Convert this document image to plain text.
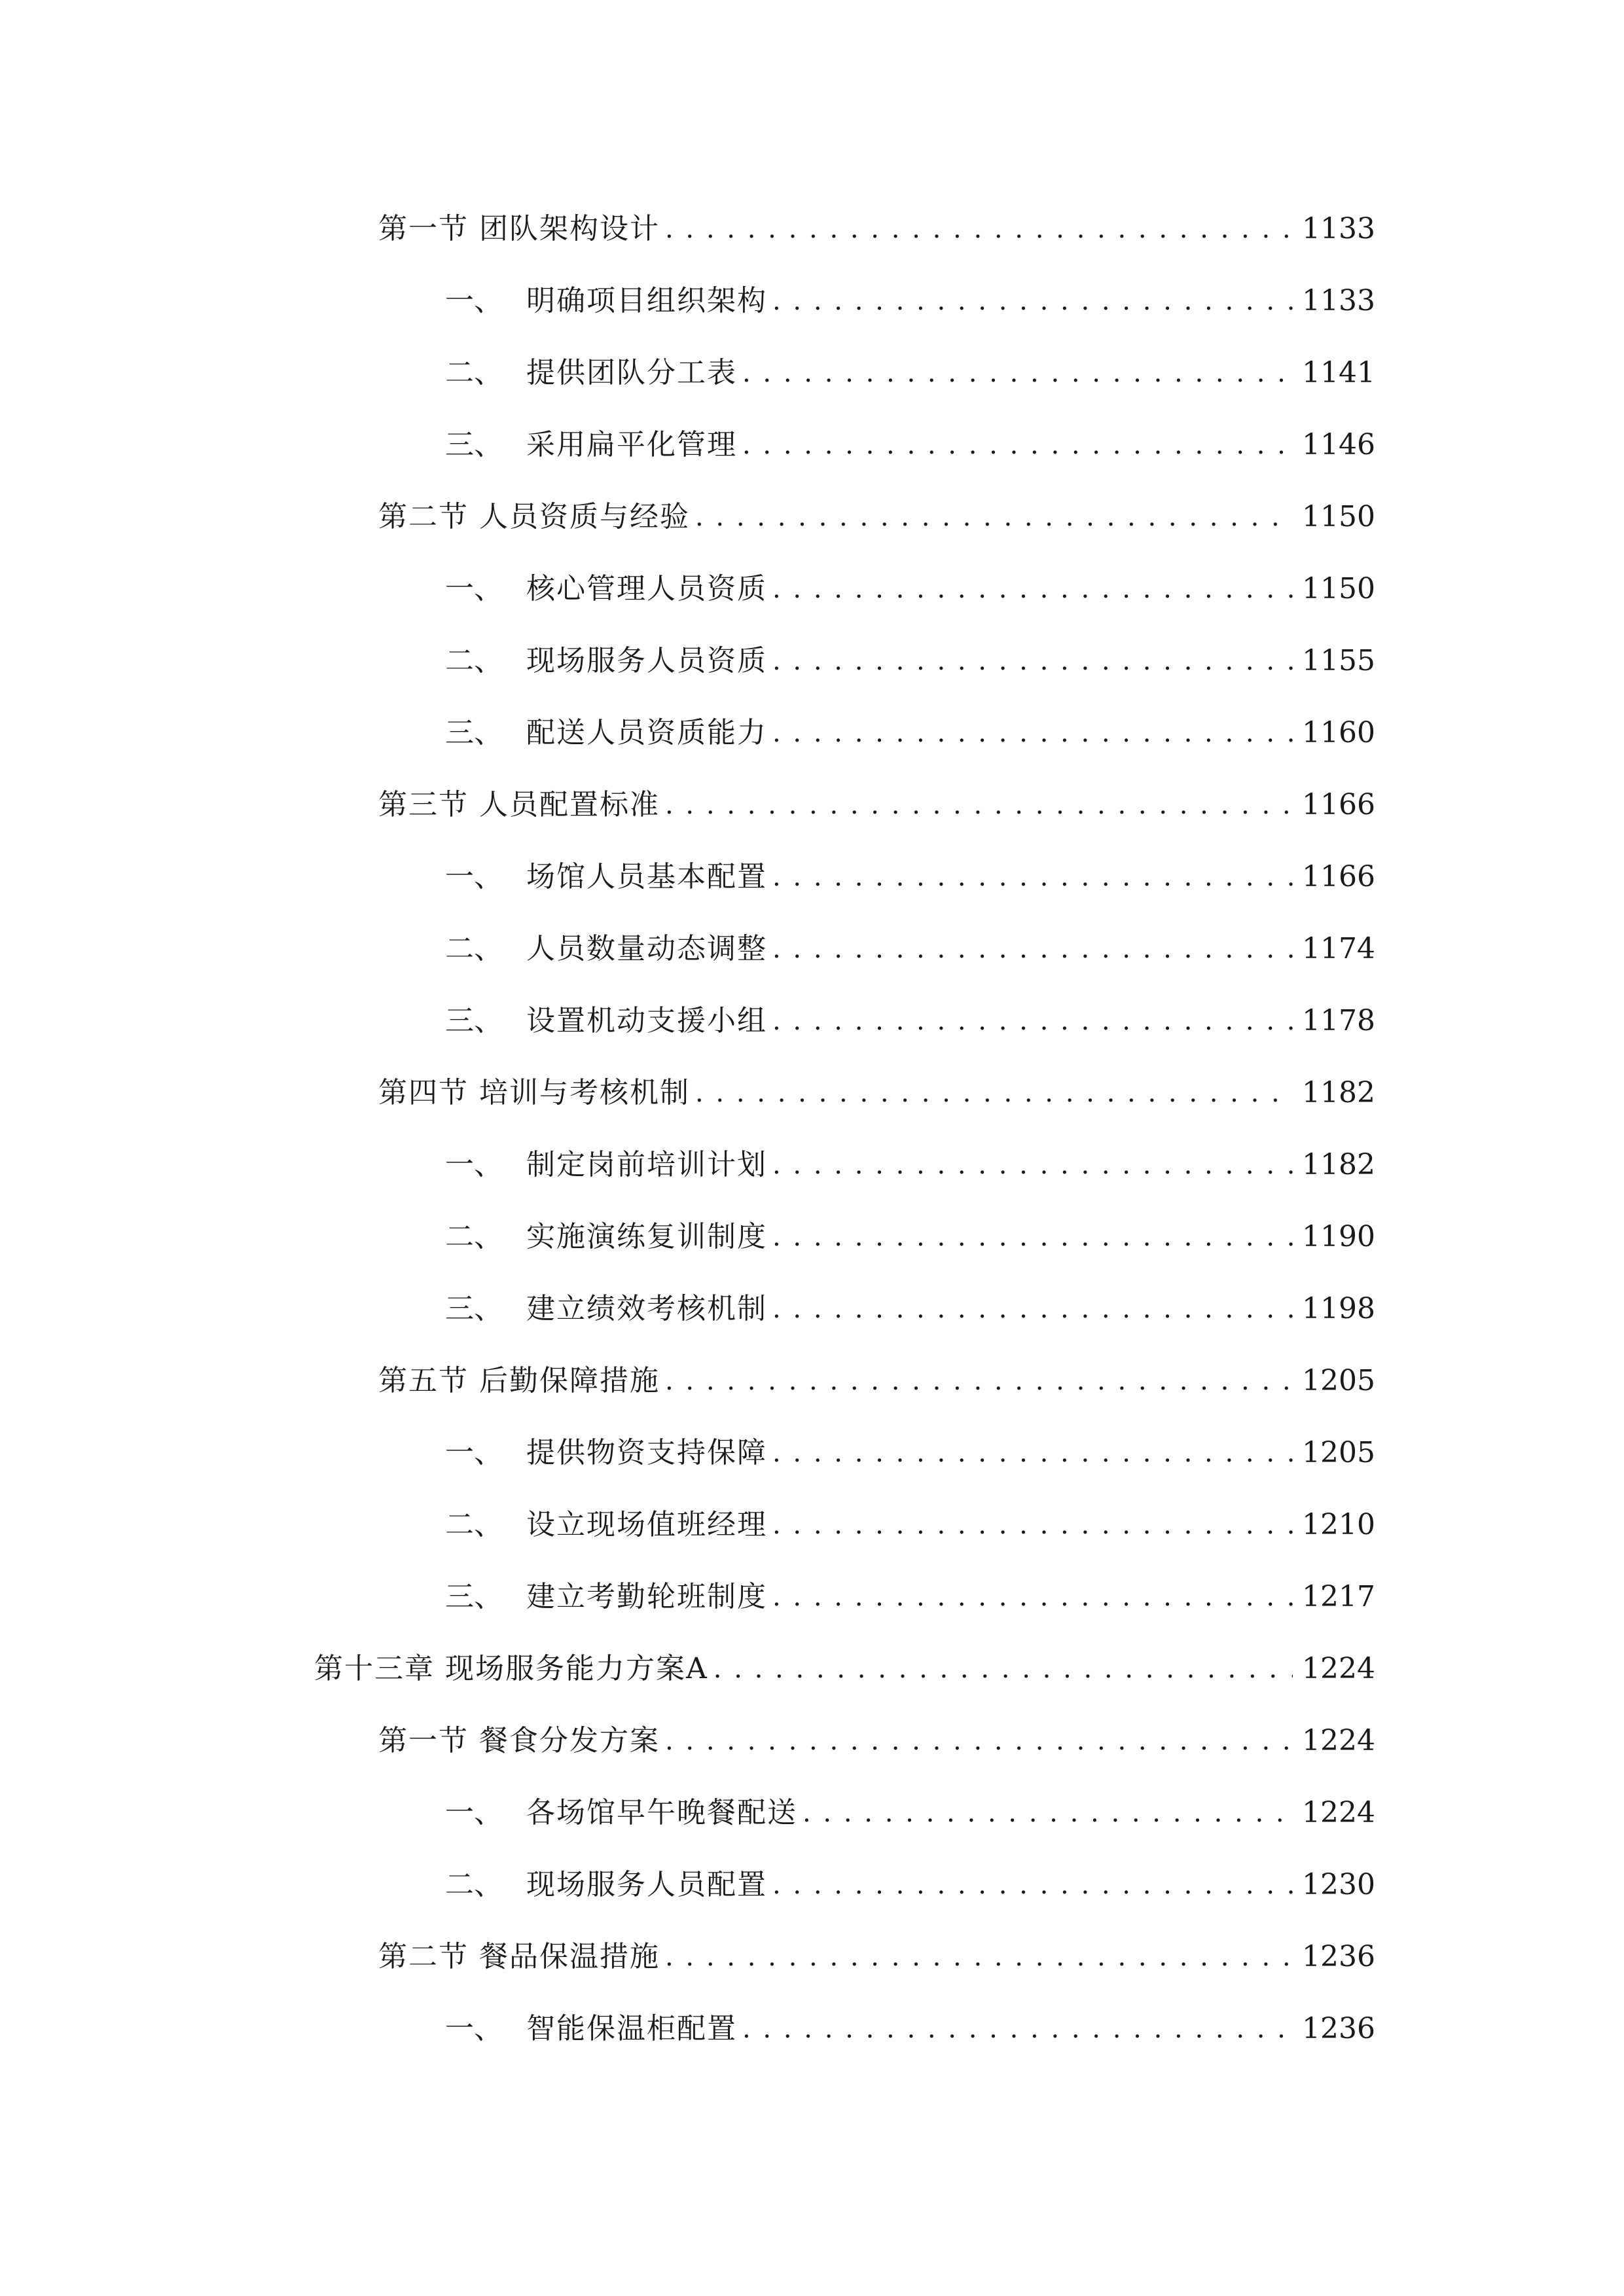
第一节 团队架构设计 . . .	1133
一、 明确项目组织架构 . . .	1133
二、 提供团队分工表 . . .	1141
三、 采用扁平化管理 . . .	1146
第二节 人员资质与经验 . . .	1150
一、 核心管理人员资质 . . .	1150
二、 现场服务人员资质 . . .	1155
三、 配送人员资质能力 . . .	1160
第三节 人员配置标准 . . .	1166
一、 场馆人员基本配置 . . .	1166
二、 人员数量动态调整 . . .	1174
三、 设置机动支援小组 . . .	1178
第四节 培训与考核机制 . . .	1182
一、 制定岗前培训计划 . . .	1182
二、 实施演练复训制度 . . .	1190
三、 建立绩效考核机制 . . .	1198
第五节 后勤保障措施 . . .	1205
一、 提供物资支持保障 . . .	1205
二、 设立现场值班经理 . . .	1210
三、 建立考勤轮班制度 . . .	1217
第十三章 现场服务能力方案A . . .	1224
第一节 餐食分发方案 . . .	1224
一、 各场馆早午晚餐配送 . . .	1224
二、 现场服务人员配置 . . .	1230
第二节 餐品保温措施 . . .	1236
一、 智能保温柜配置 . . .	1236
